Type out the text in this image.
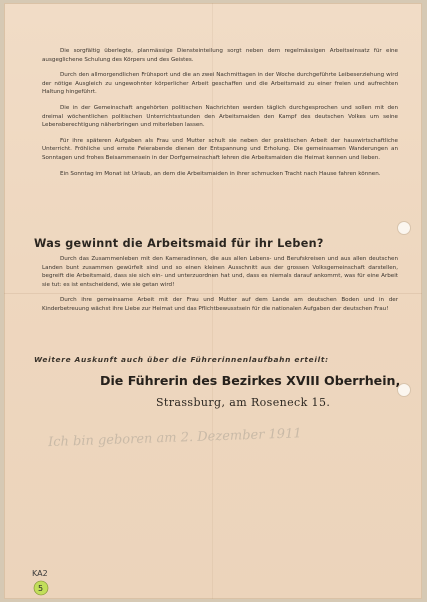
Die sorgfältig überlegte, planmässige Diensteinteilung sorgt neben dem regelmässigen Arbeitseinsatz für eine ausgeglichene Schulung des Körpers und des Geistes.

Durch den allmorgendlichen Frühsport und die an zwei Nachmittagen in der Woche durchgeführte Leibeserziehung wird der nötige Ausgleich zu ungewohnter körperlicher Arbeit geschaffen und die Arbeitsmaid zu einer freien und aufrechten Haltung hingeführt.

Die in der Gemeinschaft angehörten politischen Nachrichten werden täglich durchgesprochen und sollen mit den dreimal wöchentlichen politischen Unterrichtsstunden den Arbeitsmaiden den Kampf des deutschen Volkes um seine Lebensberechtigung näherbringen und miterleben lassen.

Für ihre späteren Aufgaben als Frau und Mutter schult sie neben der praktischen Arbeit der hauswirtschaftliche Unterricht. Fröhliche und ernste Feierabende dienen der Entspannung und Erholung. Die gemeinsamen Wanderungen an Sonntagen und frohes Beisammensein in der Dorfgemeinschaft lehren die Arbeitsmaiden die Heimat kennen und lieben.

Ein Sonntag im Monat ist Urlaub, an dem die Arbeitsmaiden in ihrer schmucken Tracht nach Hause fahren können.

Was gewinnt die Arbeitsmaid für ihr Leben?

Durch das Zusammenleben mit den Kameradinnen, die aus allen Lebens- und Berufskreisen und aus allen deutschen Landen bunt zusammen gewürfelt sind und so einen kleinen Ausschnitt aus der grossen Volksgemeinschaft darstellen, begreift die Arbeitsmaid, dass sie sich ein- und unterzuordnen hat und, dass es niemals darauf ankommt, was für eine Arbeit sie tut: es ist entscheidend, wie sie getan wird!

Durch ihre gemeinsame Arbeit mit der Frau und Mutter auf dem Lande am deutschen Boden und in der Kinderbetreuung wächst ihre Liebe zur Heimat und das Pflichtbewusstsein für die nationalen Aufgaben der deutschen Frau!

Weitere Auskunft auch über die Führerinnenlaufbahn erteilt:
Die Führerin des Bezirkes XVIII Oberrhein,
Strassburg, am Roseneck 15.
Ich bin geboren am 2. Dezember 1911
KA2
5
